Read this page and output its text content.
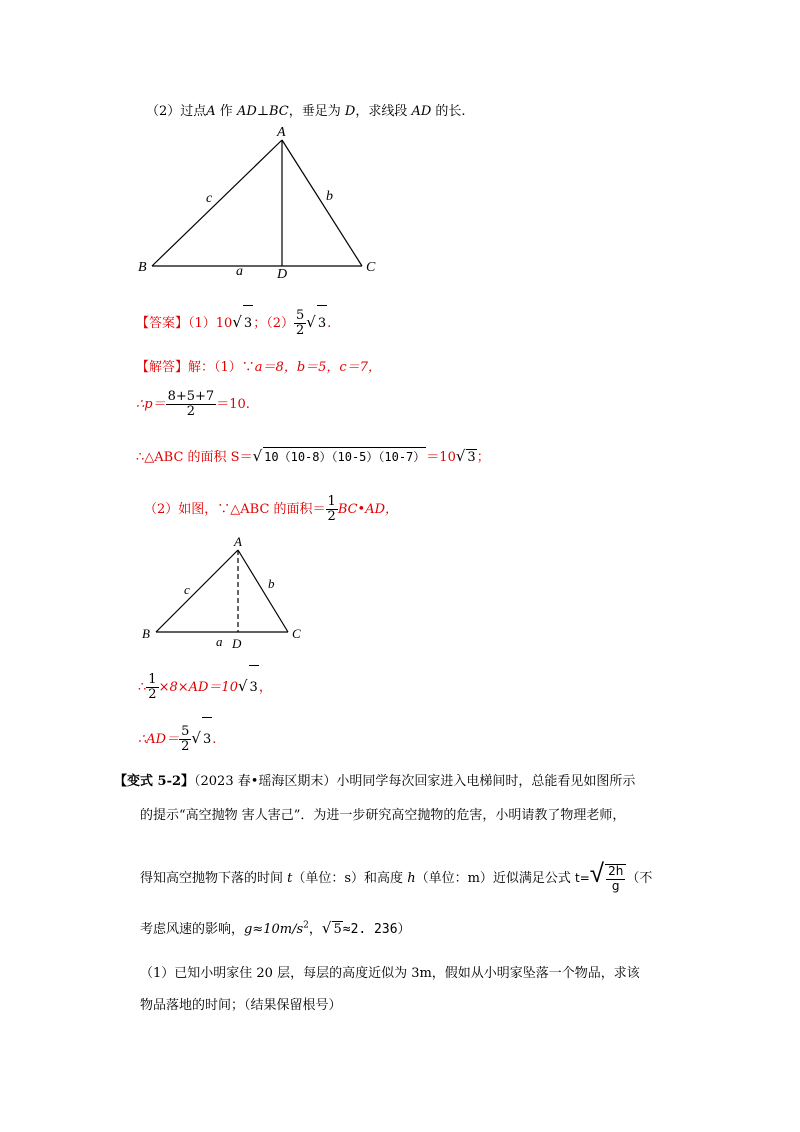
（2）过点A 作 AD⊥BC，垂足为 D，求线段 AD 的长.
A
B	C
D
a
b
c
【答案】（1）10√ 3；$(2) \frac{5}{2}$ √ 3.
【解答】解：（1）∵a＝8，b＝5，c＝7，
∴p＝ $\frac{8+5+7}{2} =10$.
∴△ABC 的面积 S＝√ 10（10-8）（10-5）（10-7）＝10√ 3；
（2）如图，∵△ABC 的面积＝ $\frac{1}{2}$ BC•AD，
A
B	C
D
a
b
c
∴ $\frac{1}{2} \times 8\times AD=10√$ 3，
∴AD＝ $\frac{5}{2}$ √ 3.
【变式 5-2】（2023 春•瑶海区期末）小明同学每次回家进入电梯间时，总能看见如图所示
的提示“高空抛物 害人害己”．为进一步研究高空抛物的危害，小明请教了物理老师，
得知高空抛物下落的时间 t（单位：s）和高度 h（单位：m）近似满足公式 $t=√ \frac{2h}{g}$ （不
考虑风速的影响，$g\approx 10m/s^2$，√ 5≈2. 236）
（1）已知小明家住 20 层，每层的高度近似为 3m，假如从小明家坠落一个物品，求该
物品落地的时间；（结果保留根号）
